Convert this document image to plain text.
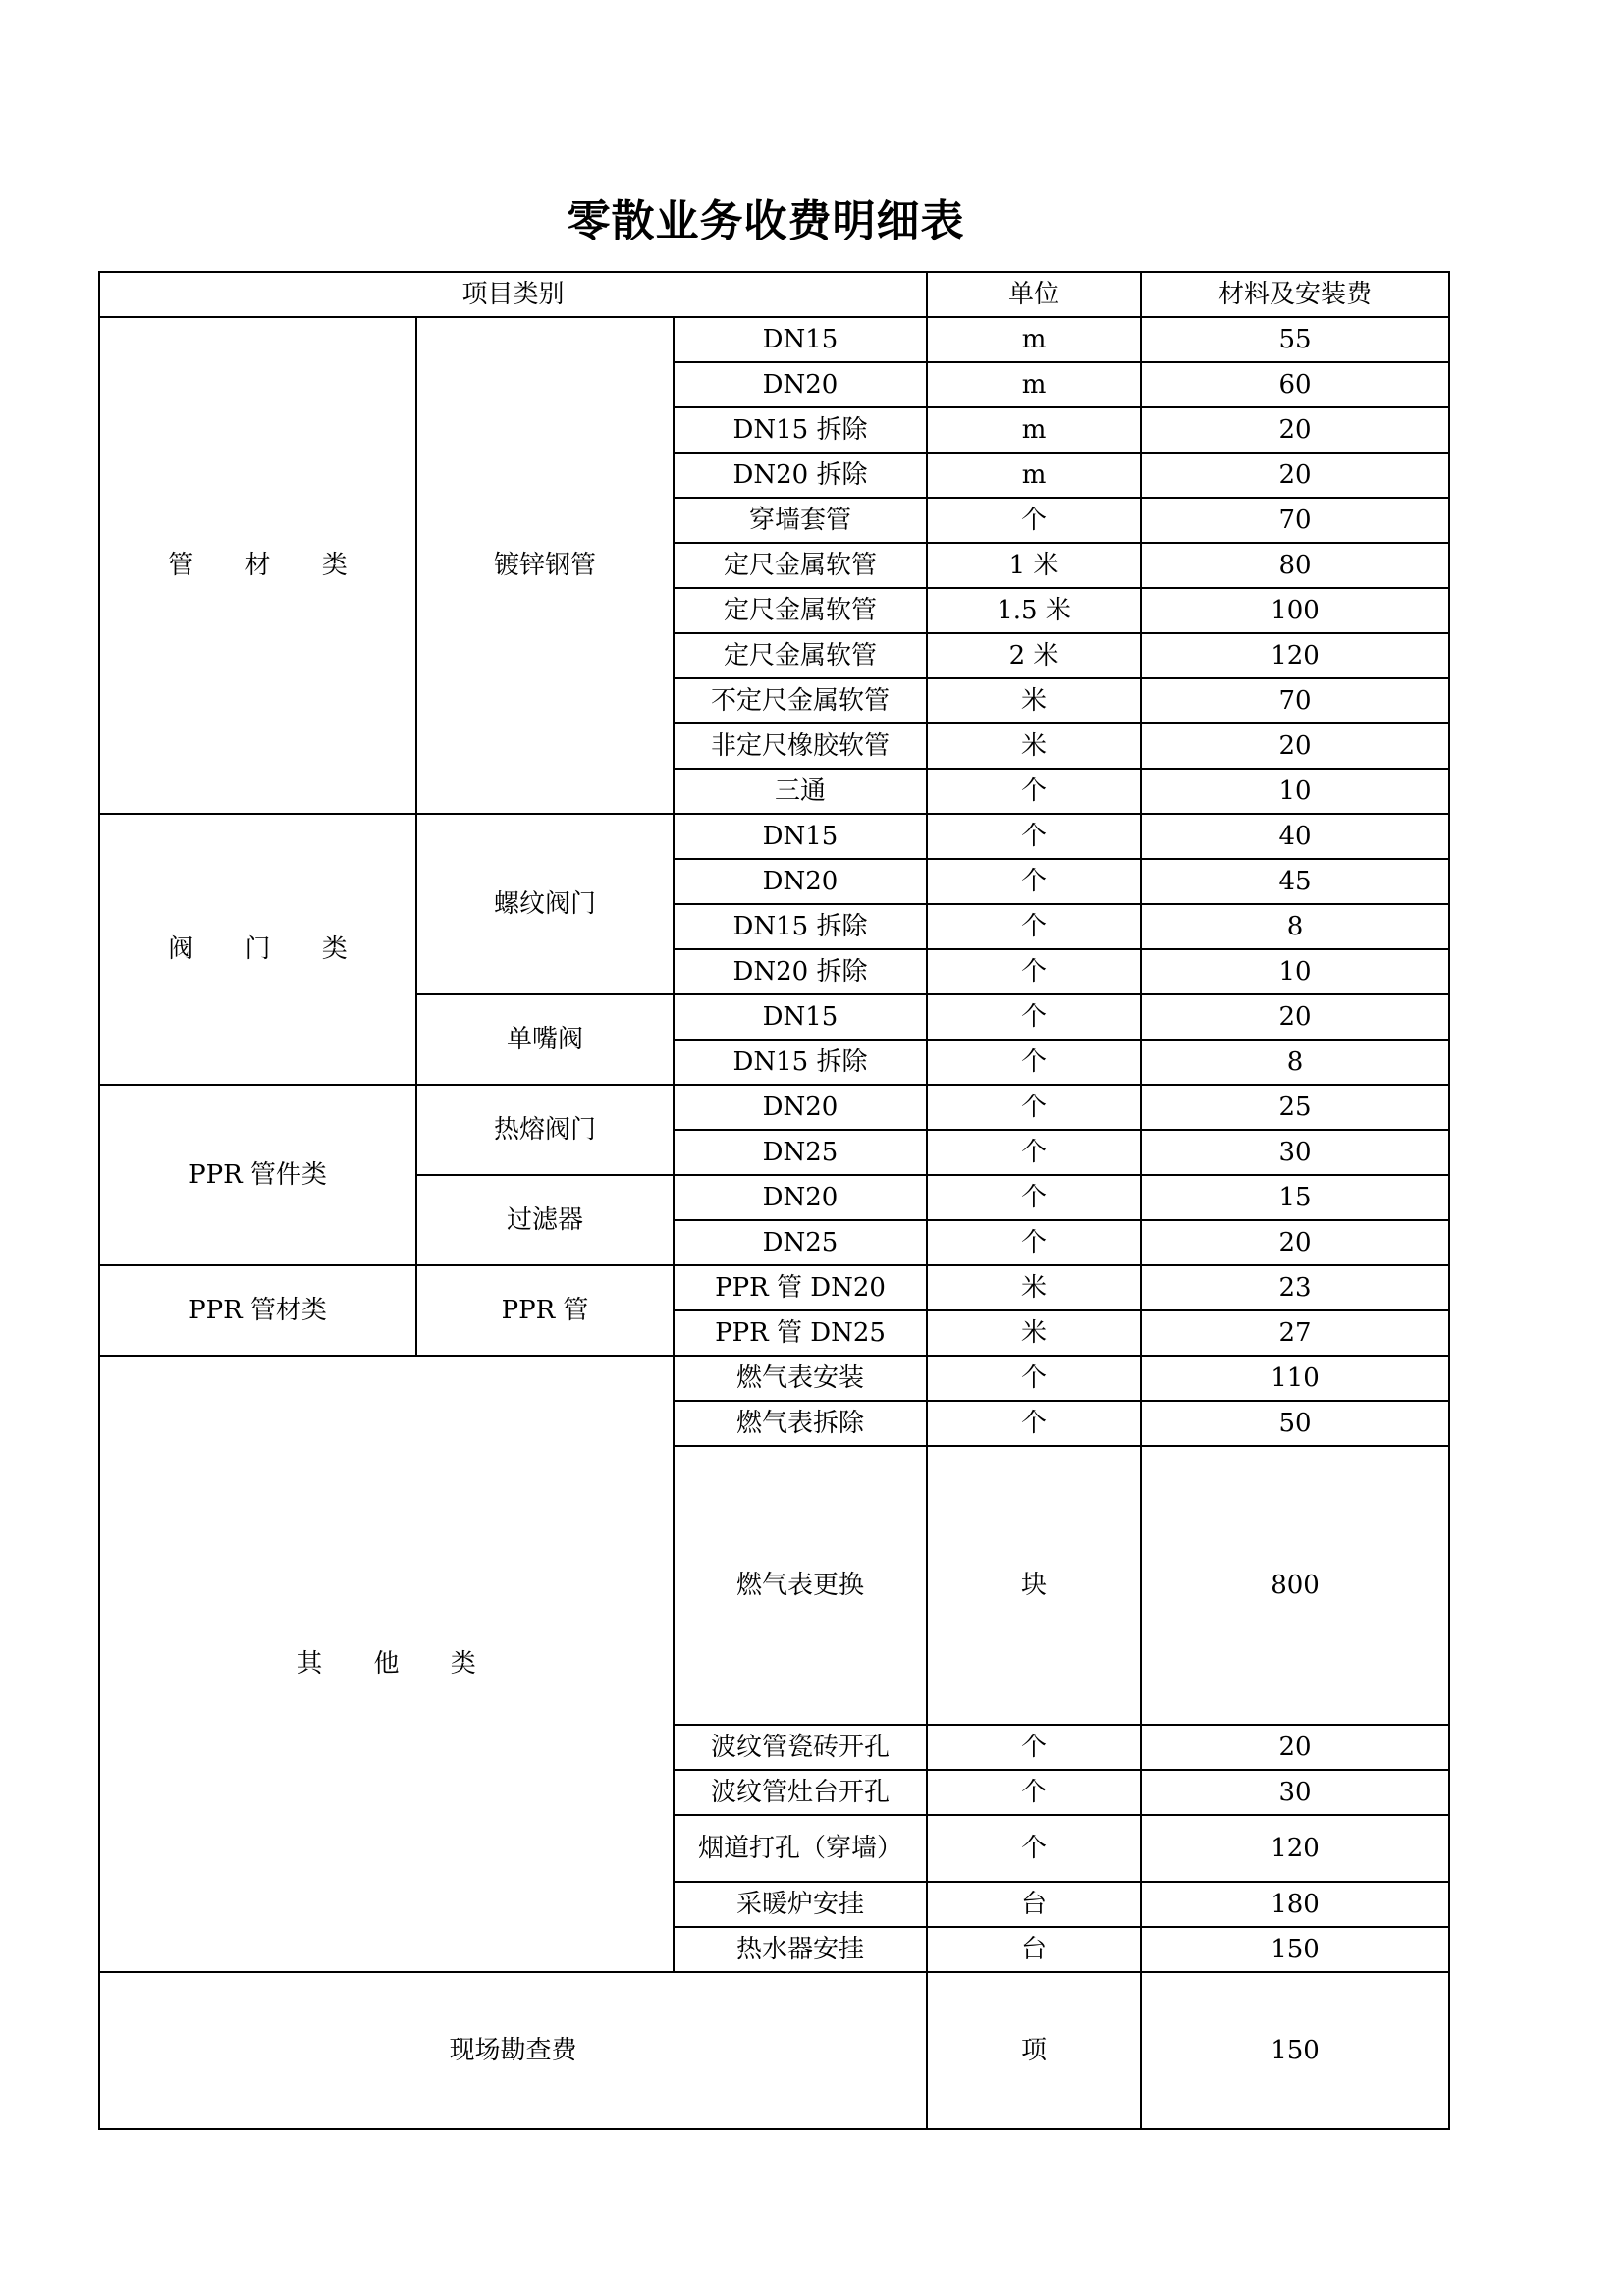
零散业务收费明细表
项目类别			单位	材料及安装费
管 材 类	镀锌钢管	DN15	m	55
		DN20	m	60
		DN15 拆除	m	20
		DN20 拆除	m	20
		穿墙套管	个	70
		定尺金属软管	1 米	80
		定尺金属软管	1.5 米	100
		定尺金属软管	2 米	120
		不定尺金属软管	米	70
		非定尺橡胶软管	米	20
		三通	个	10
阀 门 类	螺纹阀门	DN15	个	40
		DN20	个	45
		DN15 拆除	个	8
		DN20 拆除	个	10
	单嘴阀	DN15	个	20
		DN15 拆除	个	8
PPR 管件类	热熔阀门	DN20	个	25
		DN25	个	30
	过滤器	DN20	个	15
		DN25	个	20
PPR 管材类	PPR 管	PPR 管 DN20	米	23
		PPR 管 DN25	米	27
其 他 类		燃气表安装	个	110
		燃气表拆除	个	50
		燃气表更换	块	800
		波纹管瓷砖开孔	个	20
		波纹管灶台开孔	个	30
		烟道打孔（穿墙）	个	120
		采暖炉安挂	台	180
		热水器安挂	台	150
现场勘查费			项	150
